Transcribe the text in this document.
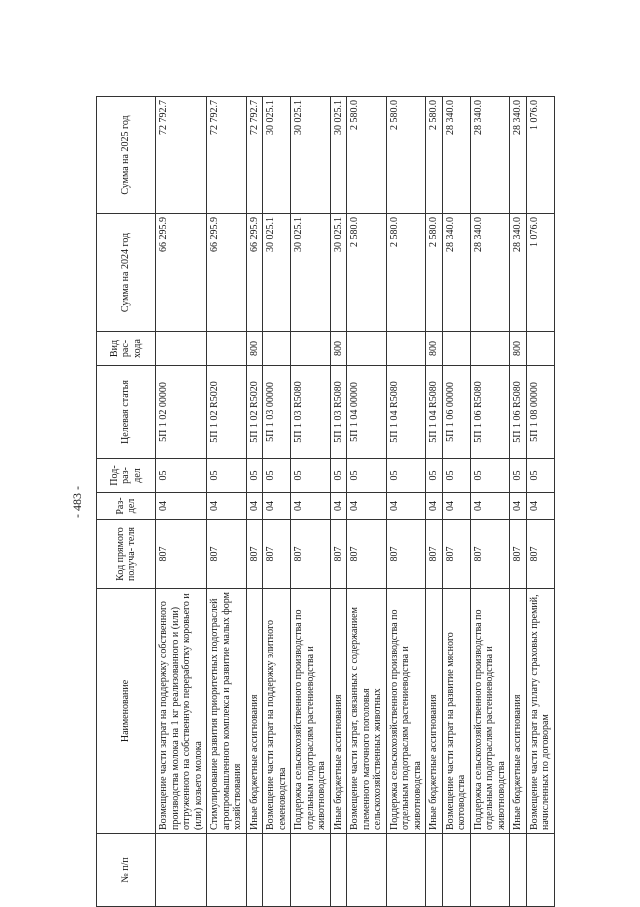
- 483 -
№ п/п	Наименование	Код прямого получа- теля	Раз- дел	Под- раз- дел	Целевая статья	Вид рас- хода	Сумма на 2024 год	Сумма на 2025 год
	Возмещение части затрат на поддержку собственного производства молока на 1 кг реализованного и (или) отгруженного на собственную переработку коровьего и (или) козьего молока	807	04	05	5П 1 02 00000		66 295.9	72 792.7
	Стимулирование развития приоритетных подотраслей агропромышленного комплекса и развитие малых форм хозяйствования	807	04	05	5П 1 02 R5020		66 295.9	72 792.7
	Иные бюджетные ассигнования	807	04	05	5П 1 02 R5020	800	66 295.9	72 792.7
	Возмещение части затрат на поддержку элитного семеноводства	807	04	05	5П 1 03 00000		30 025.1	30 025.1
	Поддержка сельскохозяйственного производства по отдельным подотраслям растениеводства и животноводства	807	04	05	5П 1 03 R5080		30 025.1	30 025.1
	Иные бюджетные ассигнования	807	04	05	5П 1 03 R5080	800	30 025.1	30 025.1
	Возмещение части затрат, связанных с содержанием племенного маточного поголовья сельскохозяйственных животных	807	04	05	5П 1 04 00000		2 580.0	2 580.0
	Поддержка сельскохозяйственного производства по отдельным подотраслям растениеводства и животноводства	807	04	05	5П 1 04 R5080		2 580.0	2 580.0
	Иные бюджетные ассигнования	807	04	05	5П 1 04 R5080	800	2 580.0	2 580.0
	Возмещение части затрат на развитие мясного скотоводства	807	04	05	5П 1 06 00000		28 340.0	28 340.0
	Поддержка сельскохозяйственного производства по отдельным подотраслям растениеводства и животноводства	807	04	05	5П 1 06 R5080		28 340.0	28 340.0
	Иные бюджетные ассигнования	807	04	05	5П 1 06 R5080	800	28 340.0	28 340.0
	Возмещение части затрат на уплату страховых премий, начисленных по договорам	807	04	05	5П 1 08 00000		1 076.0	1 076.0
